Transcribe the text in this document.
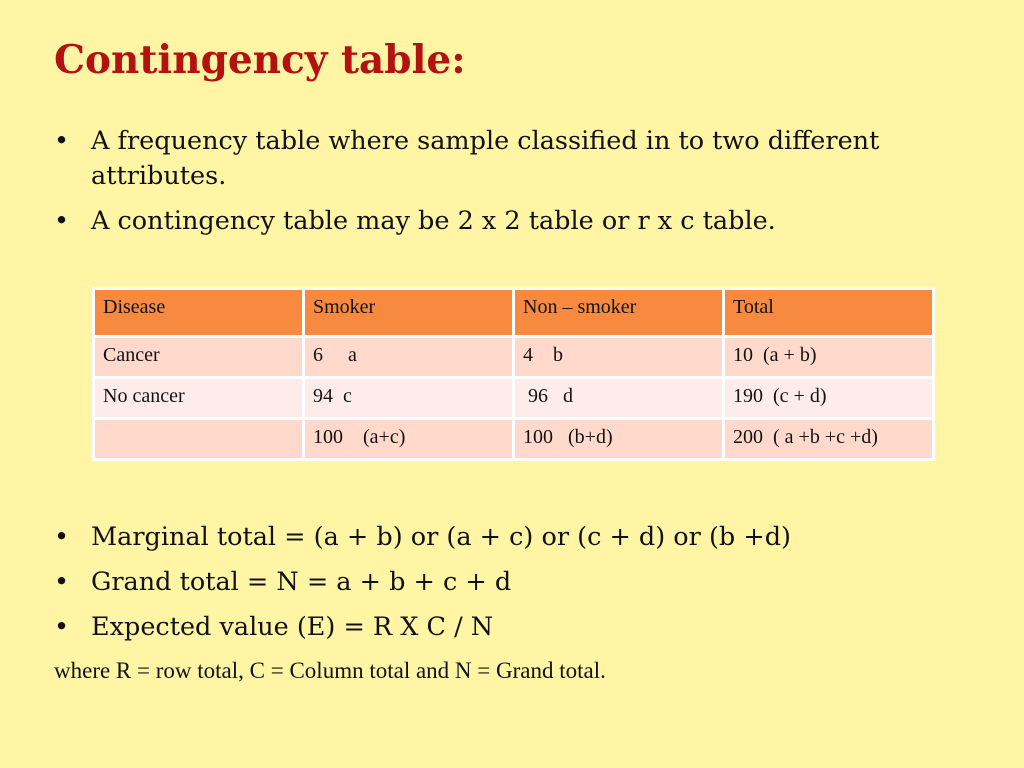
Contingency table:
• A frequency table where sample classified in to two different attributes.
• A contingency table may be 2 x 2 table or r x c table.
Disease	Smoker	Non – smoker	Total
Cancer	6     a	4    b	10  (a + b)
No cancer	94  c	96   d	190  (c + d)
	100    (a+c)	100   (b+d)	200  ( a +b +c +d)
• Marginal total = (a + b) or (a + c) or (c + d) or (b +d)
• Grand total = N = a + b + c + d
• Expected value (E) = R X C / N

where R = row total, C = Column total and N = Grand total.
